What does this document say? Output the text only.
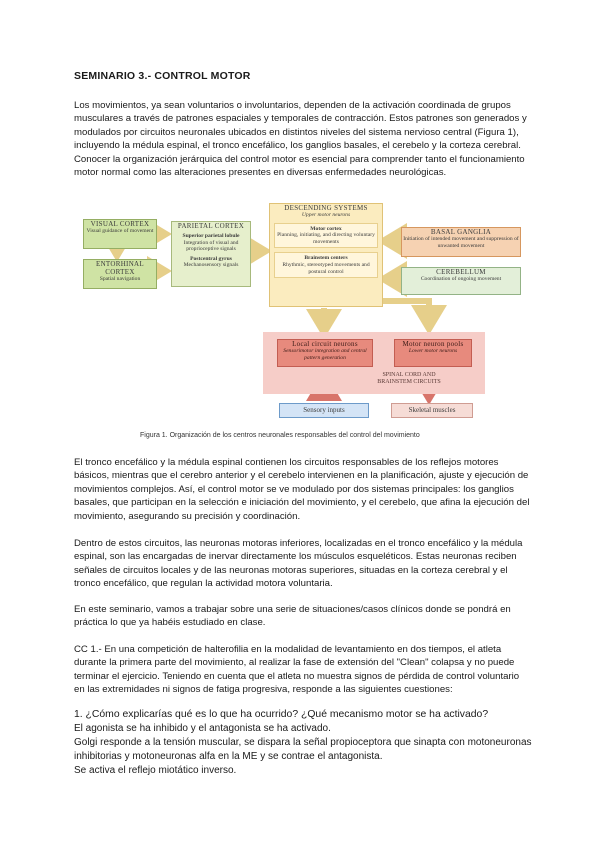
SEMINARIO 3.- CONTROL MOTOR
Los movimientos, ya sean voluntarios o involuntarios, dependen de la activación coordinada de grupos musculares a través de patrones espaciales y temporales de contracción. Estos patrones son generados y modulados por circuitos neuronales ubicados en distintos niveles del sistema nervioso central (Figura 1), incluyendo la médula espinal, el tronco encefálico, los ganglios basales, el cerebelo y la corteza cerebral. Conocer la organización jerárquica del control motor es esencial para comprender tanto el funcionamiento motor normal como las alteraciones presentes en diversas enfermedades neurológicas.
VISUAL CORTEX
Visual guidance of movement
ENTORHINAL CORTEX
Spatial navigation
PARIETAL CORTEX
Superior parietal lobule
Integration of visual and proprioceptive signals
Postcentral gyrus
Mechanosensory signals
DESCENDING SYSTEMS
Upper motor neurons
Motor cortex
Planning, initiating, and directing voluntary movements
Brainstem centers
Rhythmic, stereotyped movements and postural control
BASAL GANGLIA
Initiation of intended movement and suppression of unwanted movement
CEREBELLUM
Coordination of ongoing movement
Local circuit neurons
Sensorimotor integration and central pattern generation
Motor neuron pools
Lower motor neurons
SPINAL CORD AND BRAINSTEM CIRCUITS
Sensory inputs	Skeletal muscles
Figura 1. Organización de los centros neuronales responsables del control del movimiento
El tronco encefálico y la médula espinal contienen los circuitos responsables de los reflejos motores básicos, mientras que el cerebro anterior y el cerebelo intervienen en la planificación, ajuste y ejecución de movimientos complejos. Así, el control motor se ve modulado por dos sistemas principales: los ganglios basales, que participan en la selección e iniciación del movimiento, y el cerebelo, que afina la ejecución del movimiento, asegurando su precisión y coordinación.
Dentro de estos circuitos, las neuronas motoras inferiores, localizadas en el tronco encefálico y la médula espinal, son las encargadas de inervar directamente los músculos esqueléticos. Estas neuronas reciben señales de circuitos locales y de las neuronas motoras superiores, situadas en la corteza cerebral y el tronco encefálico, que regulan la actividad motora voluntaria.
En este seminario, vamos a trabajar sobre una serie de situaciones/casos clínicos donde se pondrá en práctica lo que ya habéis estudiado en clase.
CC 1.- En una competición de halterofilia en la modalidad de levantamiento en dos tiempos, el atleta durante la primera parte del movimiento, al realizar la fase de extensión del "Clean" colapsa y no puede terminar el ejercicio. Teniendo en cuenta que el atleta no muestra signos de pérdida de control voluntario en las extremidades ni signos de fatiga progresiva, responde a las siguientes cuestiones:

1. ¿Cómo explicarías qué es lo que ha ocurrido? ¿Qué mecanismo motor se ha activado?

El agonista se ha inhibido y el antagonista se ha activado.

Golgi responde a la tensión muscular, se dispara la señal propioceptora que sinapta con motoneuronas inhibitorias y motoneuronas alfa en la ME y se contrae el antagonista.

Se activa el reflejo miotático inverso.
